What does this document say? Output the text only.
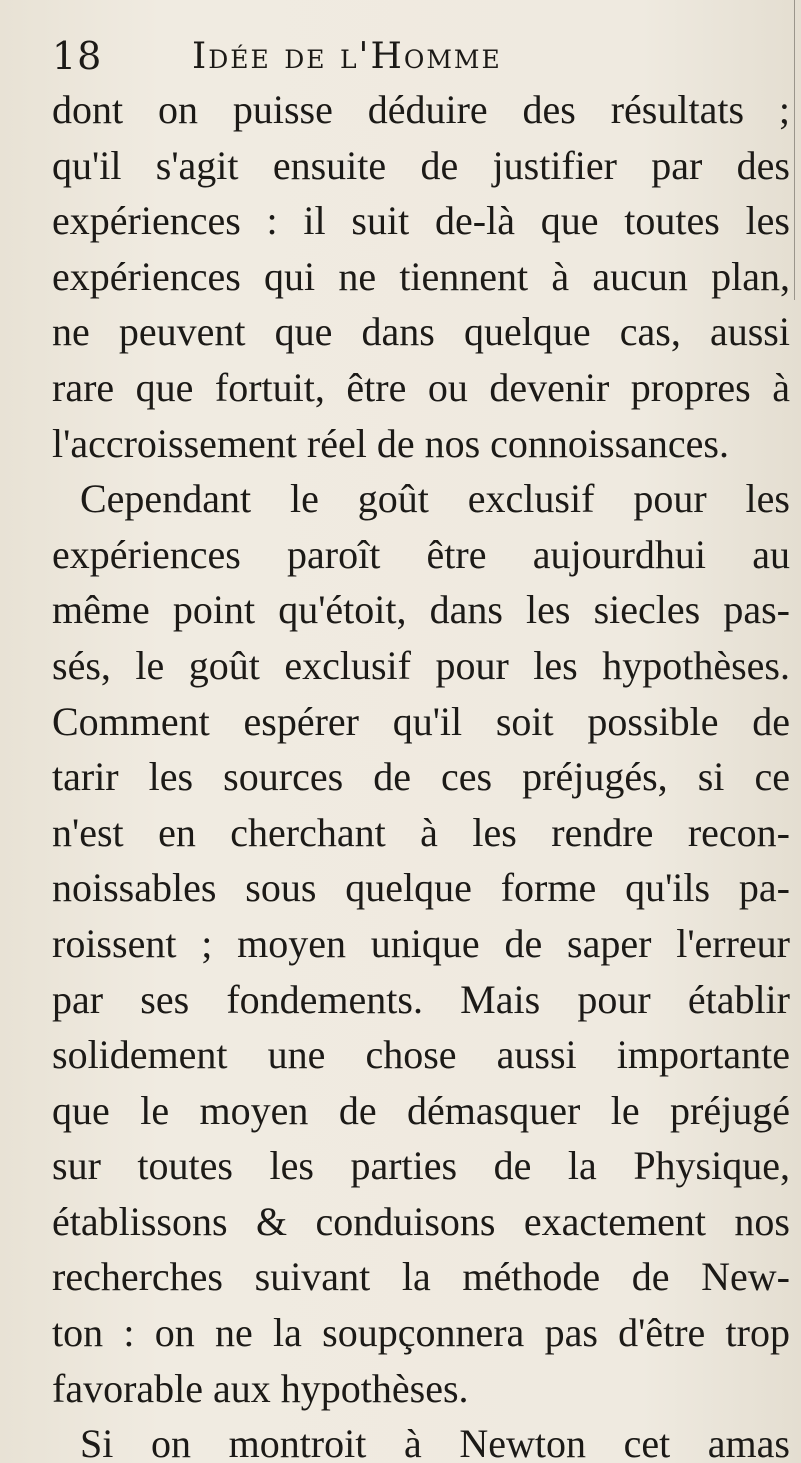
18 Idée de l'Homme
dont on puisse déduire des résultats ;
qu'il s'agit ensuite de justifier par des
expériences : il suit de-là que toutes les
expériences qui ne tiennent à aucun plan,
ne peuvent que dans quelque cas, aussi
rare que fortuit, être ou devenir propres à
l'accroissement réel de nos connoissances.
Cependant le goût exclusif pour les
expériences paroît être aujourdhui au
même point qu'étoit, dans les siecles pas-
sés, le goût exclusif pour les hypothèses.
Comment espérer qu'il soit possible de
tarir les sources de ces préjugés, si ce
n'est en cherchant à les rendre recon-
noissables sous quelque forme qu'ils pa-
roissent ; moyen unique de saper l'erreur
par ses fondements. Mais pour établir
solidement une chose aussi importante
que le moyen de démasquer le préjugé
sur toutes les parties de la Physique,
établissons & conduisons exactement nos
recherches suivant la méthode de New-
ton : on ne la soupçonnera pas d'être trop
favorable aux hypothèses.
Si on montroit à Newton cet amas
